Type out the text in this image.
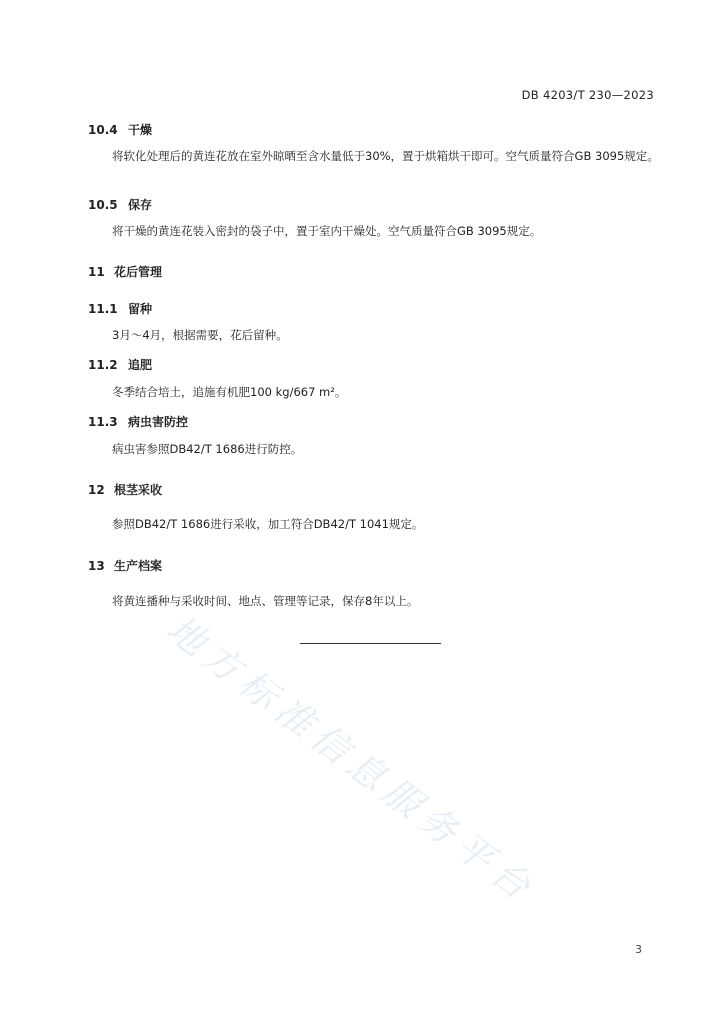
DB 4203/T 230—2023
10.4 干燥
将软化处理后的黄连花放在室外晾晒至含水量低于30%，置于烘箱烘干即可。空气质量符合GB 3095规定。
10.5 保存
将干燥的黄连花装入密封的袋子中，置于室内干燥处。空气质量符合GB 3095规定。
11 花后管理
11.1 留种
3月～4月，根据需要，花后留种。
11.2 追肥
冬季结合培土，追施有机肥100 kg/667 m²。
11.3 病虫害防控
病虫害参照DB42/T 1686进行防控。
12 根茎采收
参照DB42/T 1686进行采收，加工符合DB42/T 1041规定。
13 生产档案
将黄连播种与采收时间、地点、管理等记录，保存8年以上。
地方标准信息服务平台
3
